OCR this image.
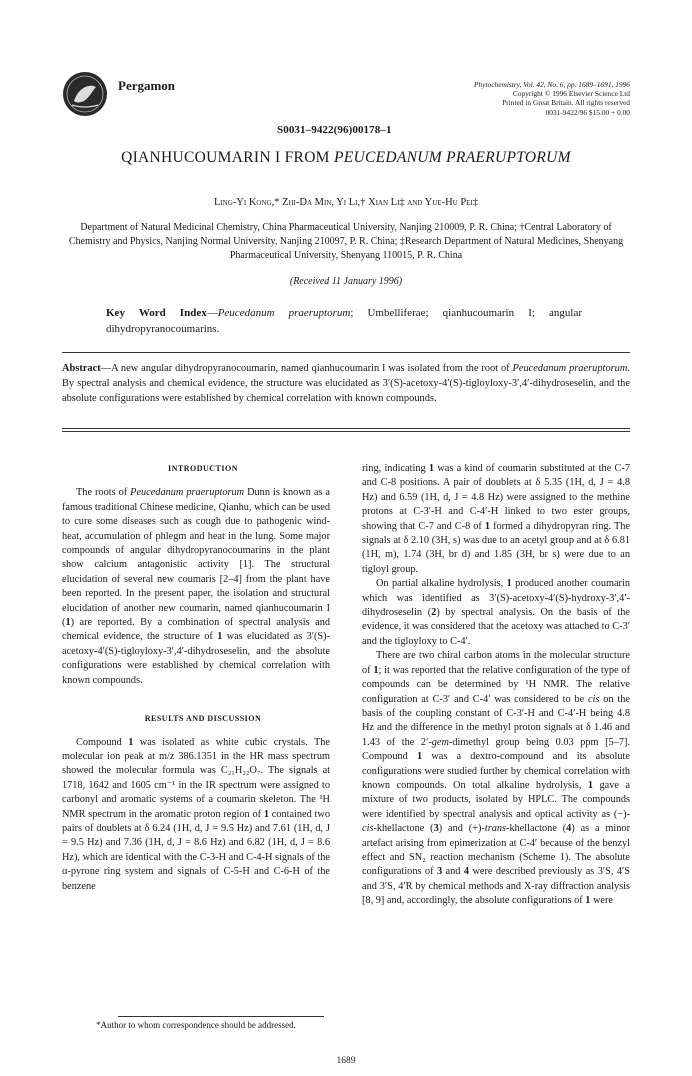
Pergamon
S0031–9422(96)00178–1
Phytochemistry, Vol. 42, No. 6, pp. 1689–1691, 1996
Copyright © 1996 Elsevier Science Ltd
Printed in Great Britain. All rights reserved
0031-9422/96 $15.00 + 0.00
QIANHUCOUMARIN I FROM PEUCEDANUM PRAERUPTORUM
Ling-Yi Kong,* Zhi-Da Min, Yi Li,† Xian Li‡ and Yue-Hu Pei‡
Department of Natural Medicinal Chemistry, China Pharmaceutical University, Nanjing 210009, P. R. China; †Central Laboratory of Chemistry and Physics, Nanjing Normal University, Nanjing 210097, P. R. China; ‡Research Department of Natural Medicines, Shenyang Pharmaceutical University, Shenyang 110015, P. R. China
(Received 11 January 1996)
Key Word Index—Peucedanum praeruptorum; Umbelliferae; qianhucoumarin I; angular dihydropyranocoumarins.
Abstract—A new angular dihydropyranocoumarin, named qianhucoumarin I was isolated from the root of Peucedanum praeruptorum. By spectral analysis and chemical evidence, the structure was elucidated as 3′(S)-acetoxy-4′(S)-tigloyloxy-3′,4′-dihydroseselin, and the absolute configurations were established by chemical correlation with known compounds.

INTRODUCTION

The roots of Peucedanum praeruptorum Dunn is known as a famous traditional Chinese medicine, Qianhu, which can be used to cure some diseases such as cough due to pathogenic wind-heat, accumulation of phlegm and heat in the lung. Some major compounds of angular dihydropyranocoumarins in the plant show calcium antagonistic activity [1]. The structural elucidation of several new coumaris [2–4] from the plant have been reported. In the present paper, the isolation and structural elucidation of another new coumarin, named qianhucoumarin I (1) are reported. By a combination of spectral analysis and chemical evidence, the structure of 1 was elucidated as 3′(S)-acetoxy-4′(S)-tigloyloxy-3′,4′-dihydroseselin, and the absolute configurations were established by chemical correlation with known compounds.

RESULTS AND DISCUSSION

Compound 1 was isolated as white cubic crystals. The molecular ion peak at m/z 386.1351 in the HR mass spectrum showed the molecular formula was C₂₁H₂₂O₇. The signals at 1718, 1642 and 1605 cm⁻¹ in the IR spectrum were assigned to carbonyl and aromatic systems of a coumarin skeleton. The ¹H NMR spectrum in the aromatic proton region of 1 contained two pairs of doublets at δ 6.24 (1H, d, J = 9.5 Hz) and 7.61 (1H, d, J = 9.5 Hz) and 7.36 (1H, d, J = 8.6 Hz) and 6.82 (1H, d, J = 8.6 Hz), which are identical with the C-3-H and C-4-H signals of the α-pyrone ring system and signals of C-5-H and C-6-H of the benzene

ring, indicating 1 was a kind of coumarin substituted at the C-7 and C-8 positions. A pair of doublets at δ 5.35 (1H, d, J = 4.8 Hz) and 6.59 (1H, d, J = 4.8 Hz) were assigned to the methine protons at C-3′-H and C-4′-H linked to two ester groups, showing that C-7 and C-8 of 1 formed a dihydropyran ring. The signals at δ 2.10 (3H, s) was due to an acetyl group and at δ 6.81 (1H, m), 1.74 (3H, br d) and 1.85 (3H, br s) were due to an tigloyl group.

On partial alkaline hydrolysis, 1 produced another coumarin which was identified as 3′(S)-acetoxy-4′(S)-hydroxy-3′,4′-dihydroseselin (2) by spectral analysis. On the basis of the evidence, it was considered that the acetoxy was attached to C-3′ and the tigloyloxy to C-4′.

There are two chiral carbon atoms in the molecular structure of 1; it was reported that the relative configuration of the type of compounds can be determined by ¹H NMR. The relative configuration at C-3′ and C-4′ was considered to be cis on the basis of the coupling constant of C-3′-H and C-4′-H being 4.8 Hz and the difference in the methyl proton signals at δ 1.46 and 1.43 of the 2′-gem-dimethyl group being 0.03 ppm [5–7]. Compound 1 was a dextro-compound and its absolute configurations were studied further by chemical correlation with known compounds. On total alkaline hydrolysis, 1 gave a mixture of two products, isolated by HPLC. The compounds were identified by spectral analysis and optical activity as (−)-cis-khellactone (3) and (+)-trans-khellactone (4) as a minor artefact arising from epimerization at C-4′ because of the benzyl effect and SN₂ reaction mechanism (Scheme 1). The absolute configurations of 3 and 4 were described previously as 3′S, 4′S and 3′S, 4′R by chemical methods and X-ray diffraction analysis [8, 9] and, accordingly, the absolute configurations of 1 were

*Author to whom correspondence should be addressed.
1689
